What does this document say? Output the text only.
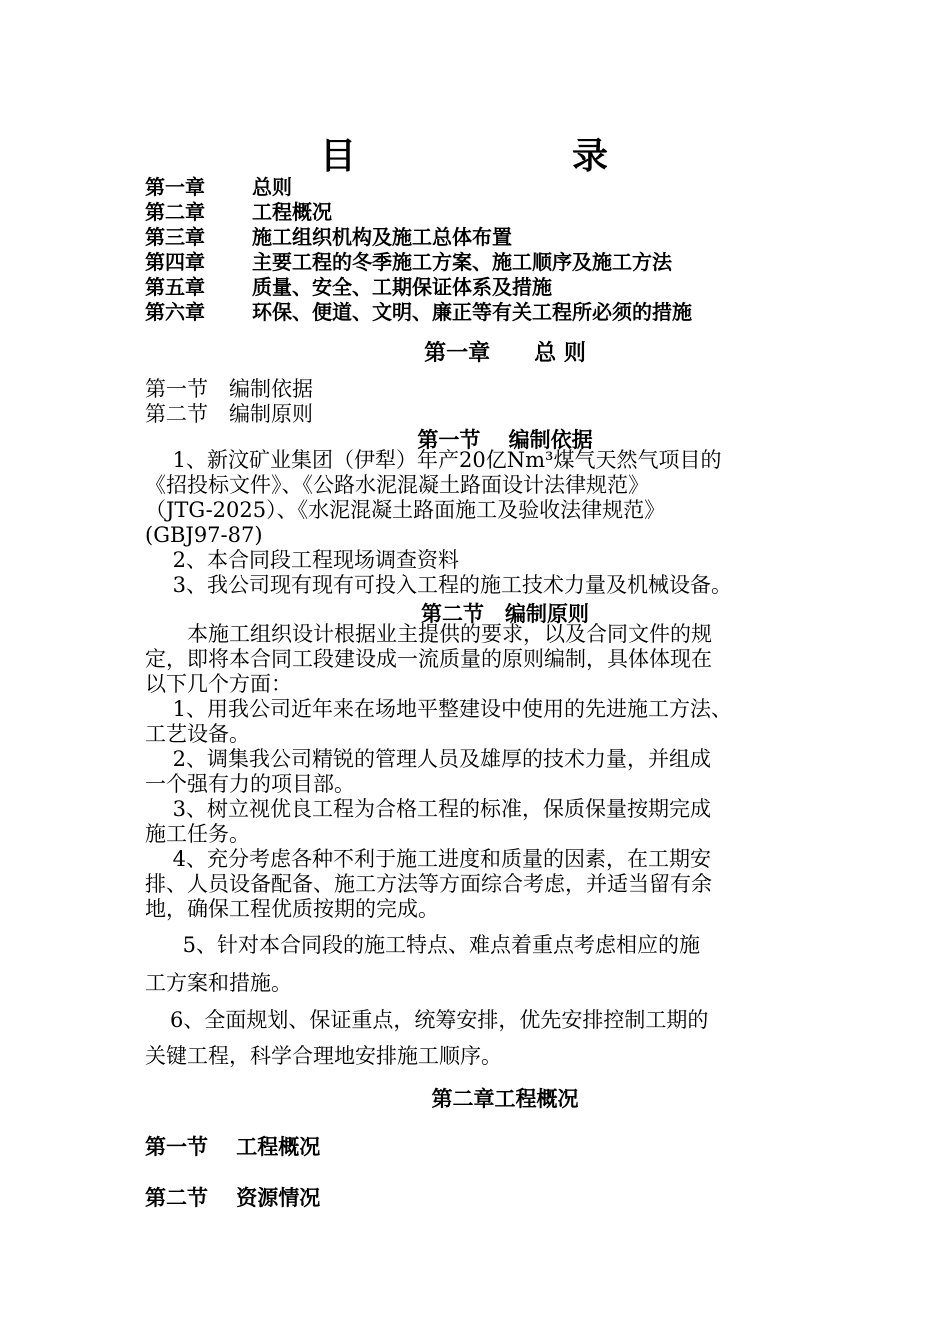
目　　录
第一章 总则
第二章 工程概况
第三章 施工组织机构及施工总体布置
第四章 主要工程的冬季施工方案、施工顺序及施工方法
第五章 质量、安全、工期保证体系及措施
第六章 环保、便道、文明、廉正等有关工程所必须的措施
第一章　　总 则
第一节　编制依据
第二节　编制原则
第一节　 编制依据
　 1、新汶矿业集团（伊犁）年产20亿Nm³煤气天然气项目的
《招投标文件》、《公路水泥混凝土路面设计法律规范》
（JTG-2025）、《水泥混凝土路面施工及验收法律规范》
(GBJ97-87)
　 2、本合同段工程现场调查资料
　 3、我公司现有现有可投入工程的施工技术力量及机械设备。
第二节　编制原则
　　本施工组织设计根据业主提供的要求，以及合同文件的规
定，即将本合同工段建设成一流质量的原则编制，具体体现在
以下几个方面：
　 1、用我公司近年来在场地平整建设中使用的先进施工方法、
工艺设备。
　 2、调集我公司精锐的管理人员及雄厚的技术力量，并组成
一个强有力的项目部。
　 3、树立视优良工程为合格工程的标准，保质保量按期完成
施工任务。
　 4、充分考虑各种不利于施工进度和质量的因素，在工期安
排、人员设备配备、施工方法等方面综合考虑，并适当留有余
地，确保工程优质按期的完成。
　 5、针对本合同段的施工特点、难点着重点考虑相应的施
工方案和措施。
6、全面规划、保证重点，统筹安排，优先安排控制工期的
关键工程，科学合理地安排施工顺序。
第二章工程概况
第一节　 工程概况
第二节　 资源情况
